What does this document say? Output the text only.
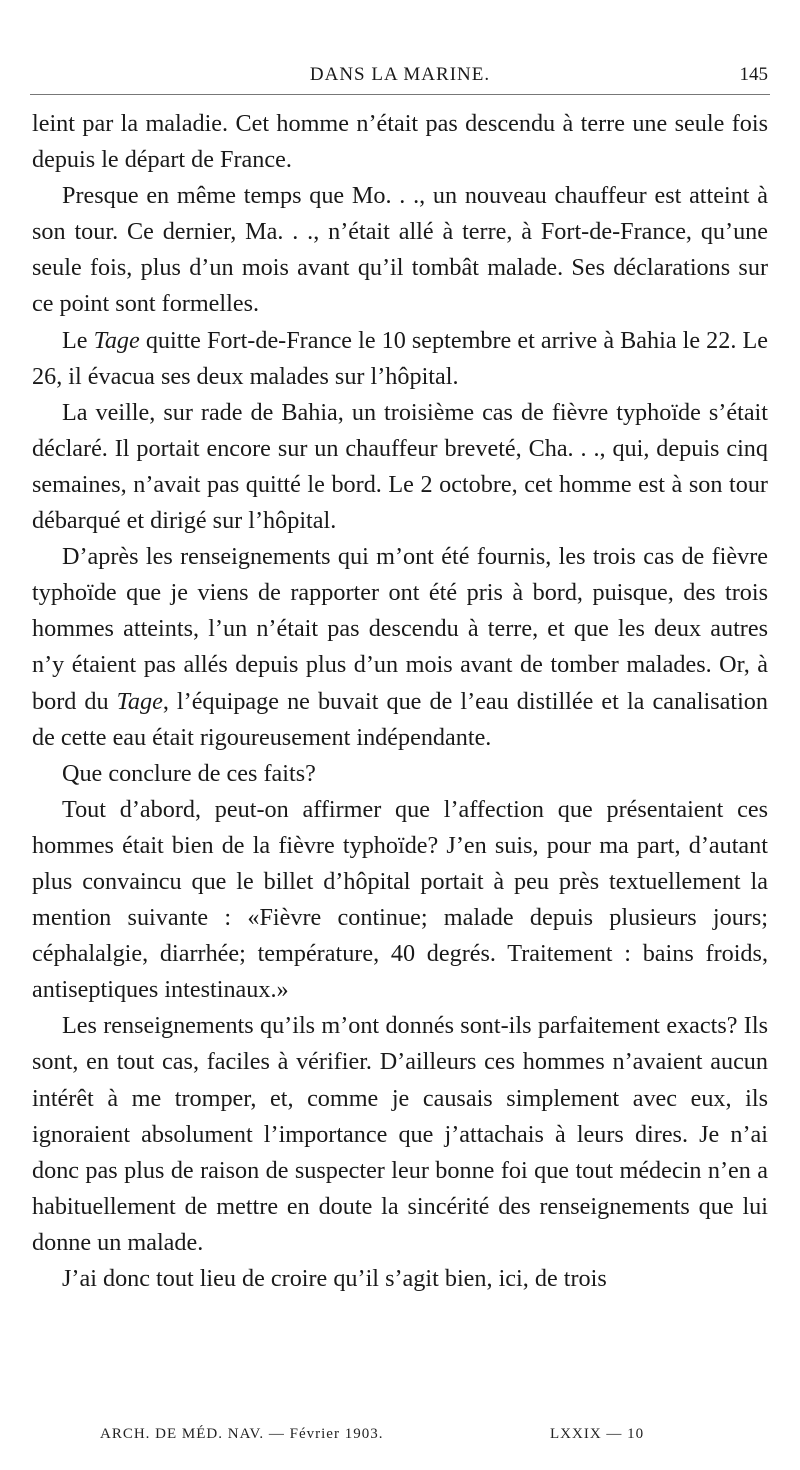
DANS LA MARINE.	145

leint par la maladie. Cet homme n’était pas descendu à terre une seule fois depuis le départ de France.

Presque en même temps que Mo. . ., un nouveau chauffeur est atteint à son tour. Ce dernier, Ma. . ., n’était allé à terre, à Fort-de-France, qu’une seule fois, plus d’un mois avant qu’il tombât malade. Ses déclarations sur ce point sont formelles.

Le Tage quitte Fort-de-France le 10 septembre et arrive à Bahia le 22. Le 26, il évacua ses deux malades sur l’hôpital.

La veille, sur rade de Bahia, un troisième cas de fièvre typhoïde s’était déclaré. Il portait encore sur un chauffeur breveté, Cha. . ., qui, depuis cinq semaines, n’avait pas quitté le bord. Le 2 octobre, cet homme est à son tour débarqué et dirigé sur l’hôpital.

D’après les renseignements qui m’ont été fournis, les trois cas de fièvre typhoïde que je viens de rapporter ont été pris à bord, puisque, des trois hommes atteints, l’un n’était pas descendu à terre, et que les deux autres n’y étaient pas allés depuis plus d’un mois avant de tomber malades. Or, à bord du Tage, l’équipage ne buvait que de l’eau distillée et la canalisation de cette eau était rigoureusement indépendante.

Que conclure de ces faits?

Tout d’abord, peut-on affirmer que l’affection que présentaient ces hommes était bien de la fièvre typhoïde? J’en suis, pour ma part, d’autant plus convaincu que le billet d’hôpital portait à peu près textuellement la mention suivante : «Fièvre continue; malade depuis plusieurs jours; céphalalgie, diarrhée; température, 40 degrés. Traitement : bains froids, antiseptiques intestinaux.»

Les renseignements qu’ils m’ont donnés sont-ils parfaitement exacts? Ils sont, en tout cas, faciles à vérifier. D’ailleurs ces hommes n’avaient aucun intérêt à me tromper, et, comme je causais simplement avec eux, ils ignoraient absolument l’importance que j’attachais à leurs dires. Je n’ai donc pas plus de raison de suspecter leur bonne foi que tout médecin n’en a habituellement de mettre en doute la sincérité des renseignements que lui donne un malade.

J’ai donc tout lieu de croire qu’il s’agit bien, ici, de trois

ARCH. DE MÉD. NAV. — Février 1903.	LXXIX — 10
